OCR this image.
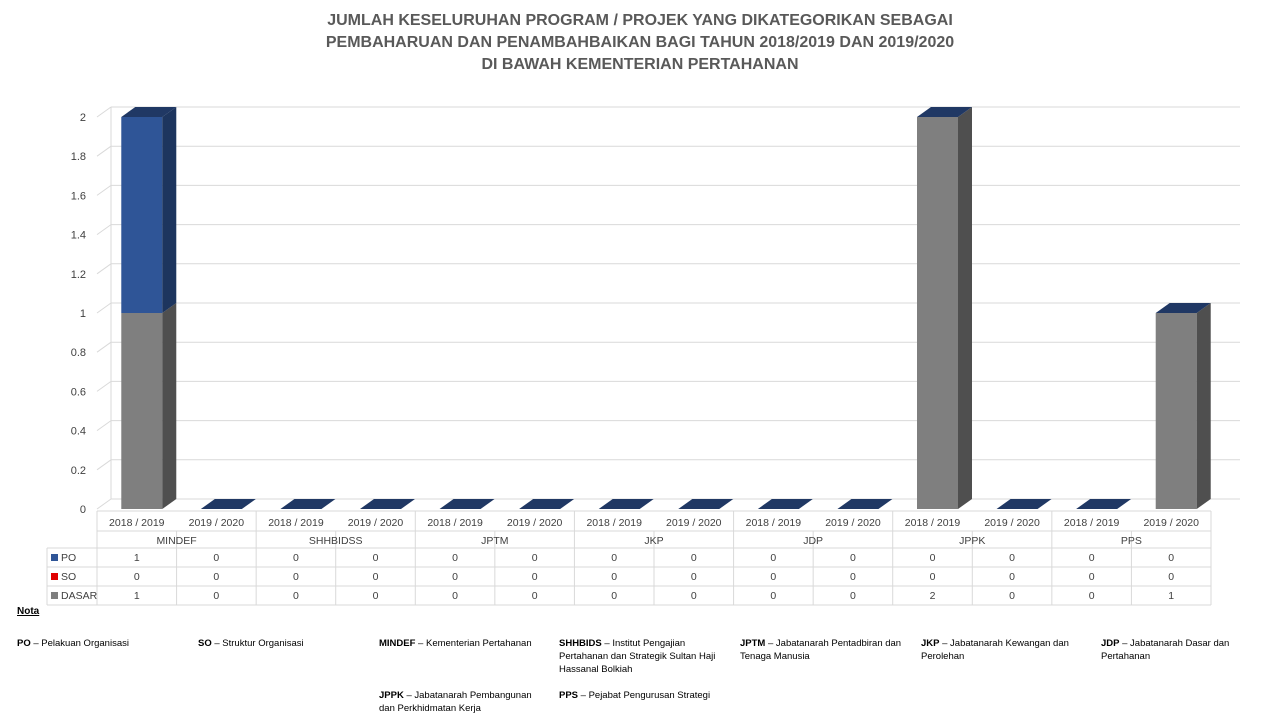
JUMLAH KESELURUHAN PROGRAM / PROJEK YANG DIKATEGORIKAN SEBAGAI
PEMBAHARUAN DAN PENAMBAHBAIKAN BAGI TAHUN 2018/2019 DAN 2019/2020
DI BAWAH KEMENTERIAN PERTAHANAN
0
0.2
0.4
0.6
0.8
1
1.2
1.4
1.6
1.8
2
2018 / 2019 2019 / 2020 2018 / 2019 2019 / 2020 2018 / 2019 2019 / 2020 2018 / 2019 2019 / 2020 2018 / 2019 2019 / 2020 2018 / 2019 2019 / 2020 2018 / 2019 2019 / 2020
MINDEF	SHHBIDSS	JPTM	JKP	JDP	JPPK	PPS
PO	1	0	0	0	0	0	0	0	0	0	0	0	0	0
SO	0	0	0	0	0	0	0	0	0	0	0	0	0	0
DASAR	1	0	0	0	0	0	0	0	0	0	2	0	0	1
Nota
PO – Pelakuan Organisasi	SO – Struktur Organisasi	MINDEF – Kementerian Pertahanan	SHHBIDS – Institut Pengajian Pertahanan dan Strategik Sultan Haji Hassanal Bolkiah
JPTM – Jabatanarah Pentadbiran dan Tenaga Manusia
JKP – Jabatanarah Kewangan dan Perolehan
JDP – Jabatanarah Dasar dan Pertahanan
JPPK – Jabatanarah Pembangunan dan Perkhidmatan Kerja
PPS – Pejabat Pengurusan Strategi
